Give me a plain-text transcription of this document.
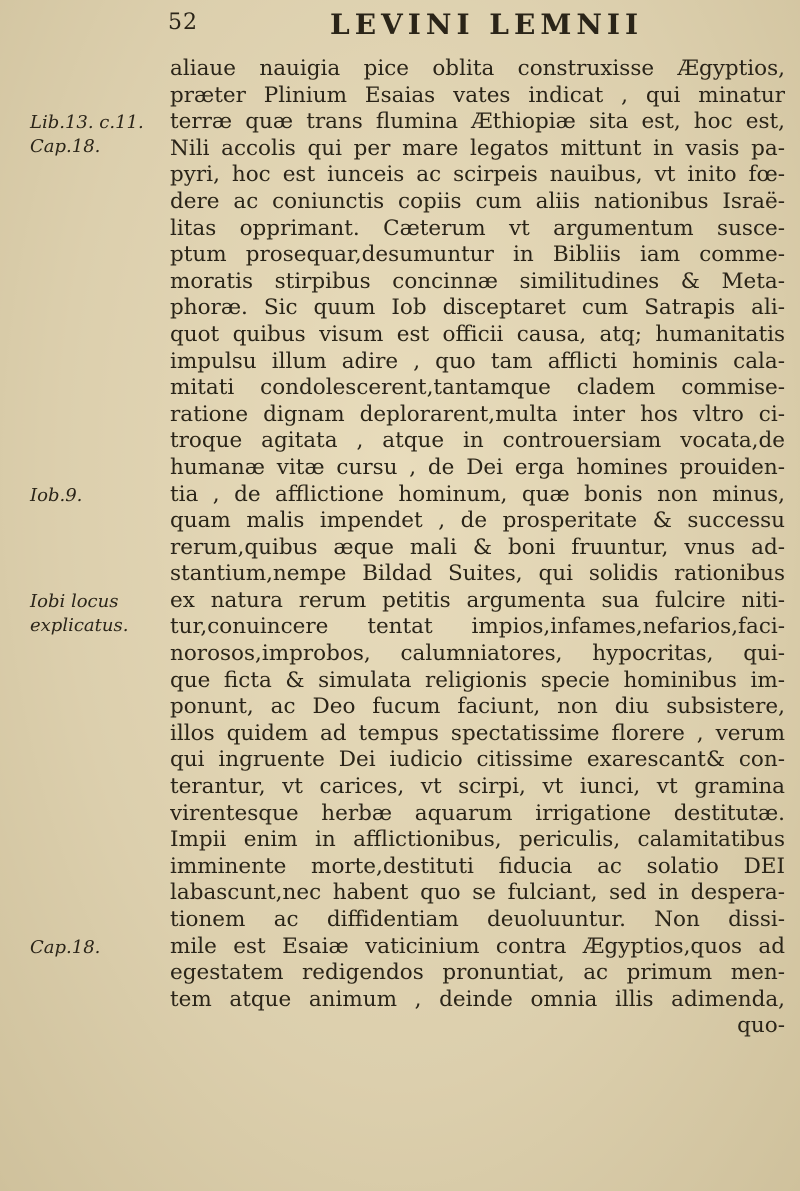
52	LEVINI LEMNII
aliaue nauigia pice oblita construxisse Ægyptios,
præter Plinium Esaias vates indicat , qui minatur
terræ quæ trans flumina Æthiopiæ sita est, hoc est,
Nili accolis qui per mare legatos mittunt in vasis pa-
pyri, hoc est iunceis ac scirpeis nauibus, vt inito fœ-
dere ac coniunctis copiis cum aliis nationibus Israë-
litas opprimant. Cæterum vt argumentum susce-
ptum prosequar,desumuntur in Bibliis iam comme-
moratis stirpibus concinnæ similitudines & Meta-
phoræ. Sic quum Iob disceptaret cum Satrapis ali-
quot quibus visum est officii causa, atq; humanitatis
impulsu illum adire , quo tam afflicti hominis cala-
mitati condolescerent,tantamque cladem commise-
ratione dignam deplorarent,multa inter hos vltro ci-
troque agitata , atque in controuersiam vocata,de
humanæ vitæ cursu , de Dei erga homines prouiden-
tia , de afflictione hominum, quæ bonis non minus,
quam malis impendet , de prosperitate & successu
rerum,quibus æque mali & boni fruuntur, vnus ad-
stantium,nempe Bildad Suites, qui solidis rationibus
ex natura rerum petitis argumenta sua fulcire niti-
tur,conuincere tentat impios,infames,nefarios,faci-
norosos,improbos, calumniatores, hypocritas, qui-
que ficta & simulata religionis specie hominibus im-
ponunt, ac Deo fucum faciunt, non diu subsistere,
illos quidem ad tempus spectatissime florere , verum
qui ingruente Dei iudicio citissime exarescant& con-
terantur, vt carices, vt scirpi, vt iunci, vt gramina
virentesque herbæ aquarum irrigatione destitutæ.
Impii enim in afflictionibus, periculis, calamitatibus
imminente morte,destituti fiducia ac solatio DEI
labascunt,nec habent quo se fulciant, sed in despera-
tionem ac diffidentiam deuoluuntur. Non dissi-
mile est Esaiæ vaticinium contra Ægyptios,quos ad
egestatem redigendos pronuntiat, ac primum men-
tem atque animum , deinde omnia illis adimenda,
quo-
Lib.13. c.11.
Cap.18.
Iob.9.
Iobi locus
explicatus.
Cap.18.
